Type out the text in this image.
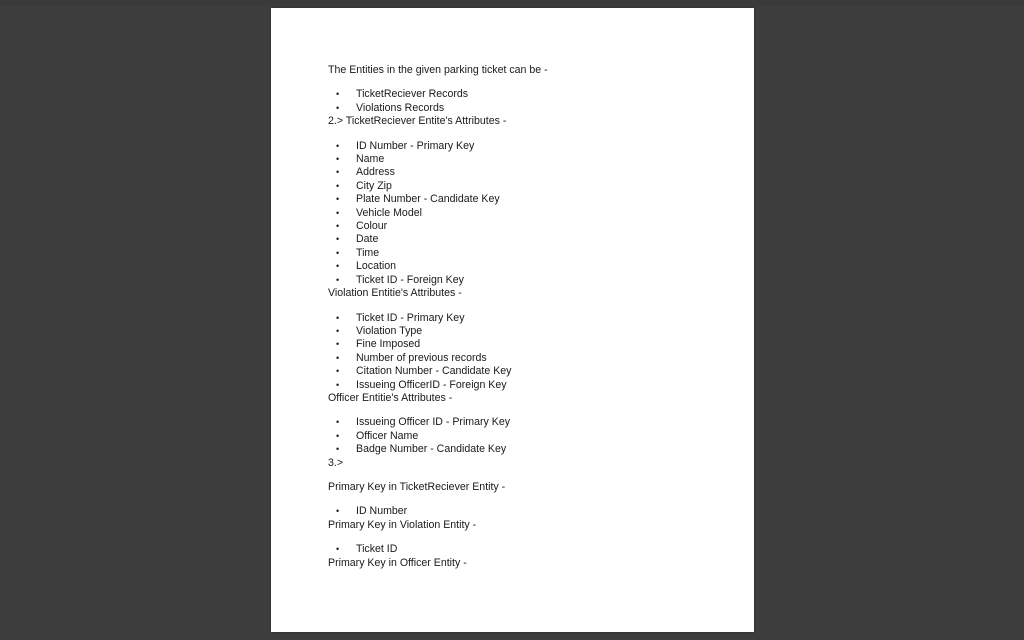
The Entities in the given parking ticket can be -

• TicketReciever Records
• Violations Records

2.> TicketReciever Entite's Attributes -

• ID Number - Primary Key
• Name
• Address
• City Zip
• Plate Number - Candidate Key
• Vehicle Model
• Colour
• Date
• Time
• Location
• Ticket ID - Foreign Key

Violation Entitie's Attributes -

• Ticket ID - Primary Key
• Violation Type
• Fine Imposed
• Number of previous records
• Citation Number - Candidate Key
• Issueing OfficerID - Foreign Key

Officer Entitie's Attributes -

• Issueing Officer ID - Primary Key
• Officer Name
• Badge Number - Candidate Key

3.>

Primary Key in TicketReciever Entity -

• ID Number

Primary Key in Violation Entity -

• Ticket ID

Primary Key in Officer Entity -
